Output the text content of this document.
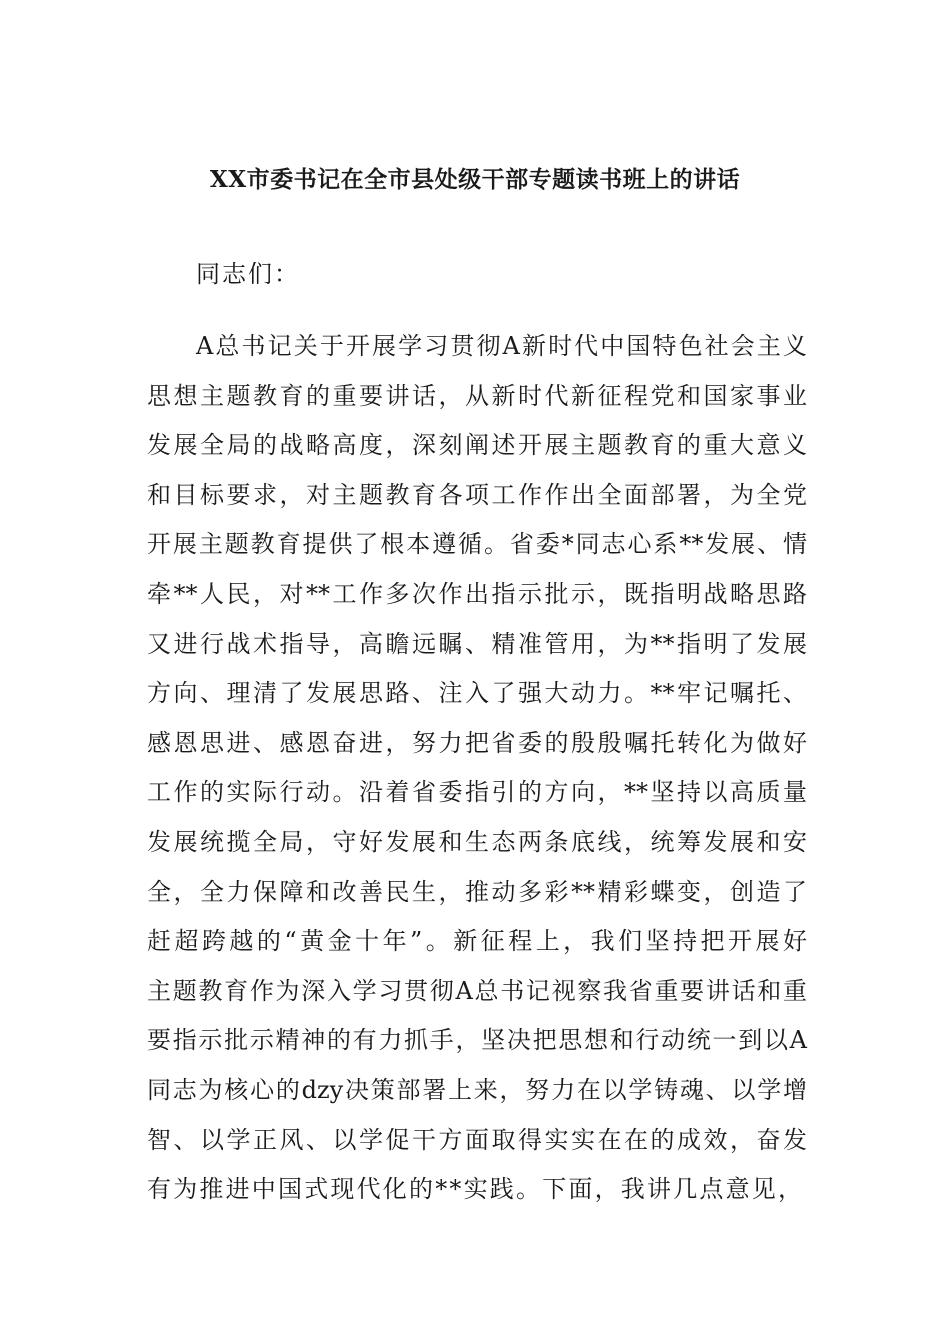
XX市委书记在全市县处级干部专题读书班上的讲话

同志们：

A总书记关于开展学习贯彻A新时代中国特色社会主义
思想主题教育的重要讲话，从新时代新征程党和国家事业
发展全局的战略高度，深刻阐述开展主题教育的重大意义
和目标要求，对主题教育各项工作作出全面部署，为全党
开展主题教育提供了根本遵循。省委*同志心系**发展、情
牵**人民，对**工作多次作出指示批示，既指明战略思路
又进行战术指导，高瞻远瞩、精准管用，为**指明了发展
方向、理清了发展思路、注入了强大动力。**牢记嘱托、
感恩思进、感恩奋进，努力把省委的殷殷嘱托转化为做好
工作的实际行动。沿着省委指引的方向，**坚持以高质量
发展统揽全局，守好发展和生态两条底线，统筹发展和安
全，全力保障和改善民生，推动多彩**精彩蝶变，创造了
赶超跨越的“黄金十年”。新征程上，我们坚持把开展好
主题教育作为深入学习贯彻A总书记视察我省重要讲话和重
要指示批示精神的有力抓手，坚决把思想和行动统一到以A
同志为核心的dzy决策部署上来，努力在以学铸魂、以学增
智、以学正风、以学促干方面取得实实在在的成效，奋发
有为推进中国式现代化的**实践。下面，我讲几点意见，
